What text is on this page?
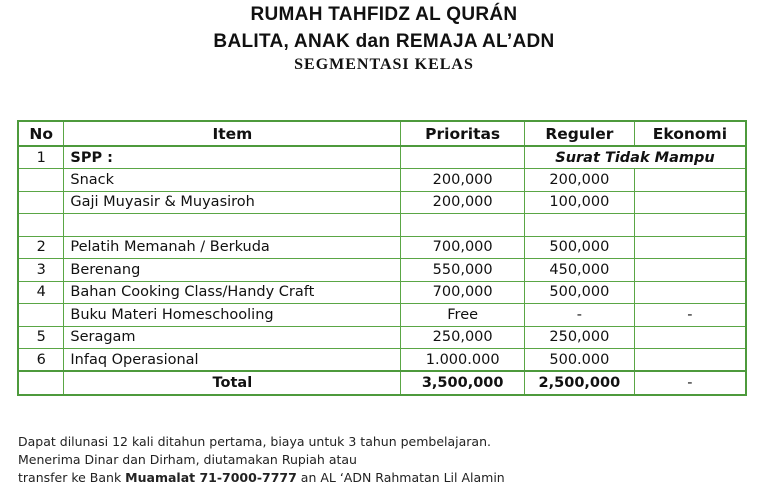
RUMAH TAHFIDZ AL QURÁN
BALITA, ANAK dan REMAJA AL’ADN
SEGMENTASI KELAS
No	Item	Prioritas	Reguler	Ekonomi
1	SPP :		Surat Tidak Mampu	
	Snack	200,000	200,000	
	Gaji Muyasir & Muyasiroh	200,000	100,000	

2	Pelatih Memanah / Berkuda	700,000	500,000	
3	Berenang	550,000	450,000	
4	Bahan Cooking Class/Handy Craft	700,000	500,000	
	Buku Materi Homeschooling	Free	-	-
5	Seragam	250,000	250,000	
6	Infaq Operasional	1.000.000	500.000	
	Total	3,500,000	2,500,000	-
Dapat dilunasi 12 kali ditahun pertama, biaya untuk 3 tahun pembelajaran.
Menerima Dinar dan Dirham, diutamakan Rupiah atau
transfer ke Bank Muamalat 71-7000-7777 an AL ‘ADN Rahmatan Lil Alamin
